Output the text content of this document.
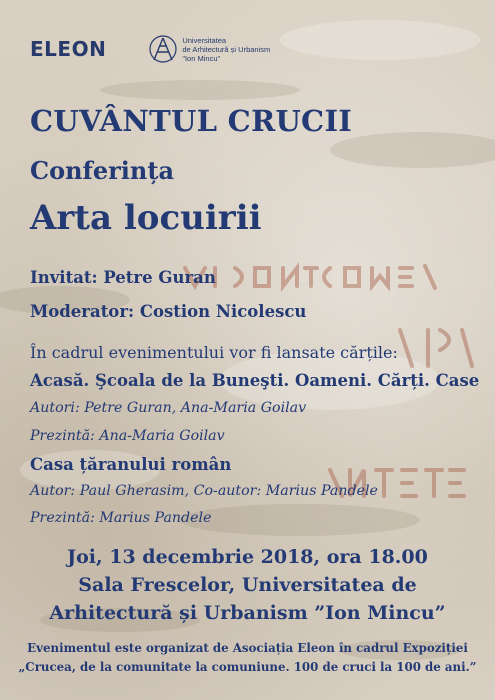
ELEON	Universitatea
de Arhitectură și Urbanism
"Ion Mincu"
CUVÂNTUL CRUCII
Conferința
Arta locuirii
Invitat: Petre Guran
Moderator: Costion Nicolescu
În cadrul evenimentului vor fi lansate cărțile:
Acasă. Şcoala de la Buneşti. Oameni. Cărți. Case
Autori: Petre Guran, Ana-Maria Goilav
Prezintă: Ana-Maria Goilav
Casa țăranului român
Autor: Paul Gherasim, Co-autor: Marius Pandele
Prezintă: Marius Pandele
Joi, 13 decembrie 2018, ora 18.00
Sala Frescelor, Universitatea de
Arhitectură și Urbanism ”Ion Mincu”
Evenimentul este organizat de Asociația Eleon în cadrul Expoziției
„Crucea, de la comunitate la comuniune. 100 de cruci la 100 de ani.”
